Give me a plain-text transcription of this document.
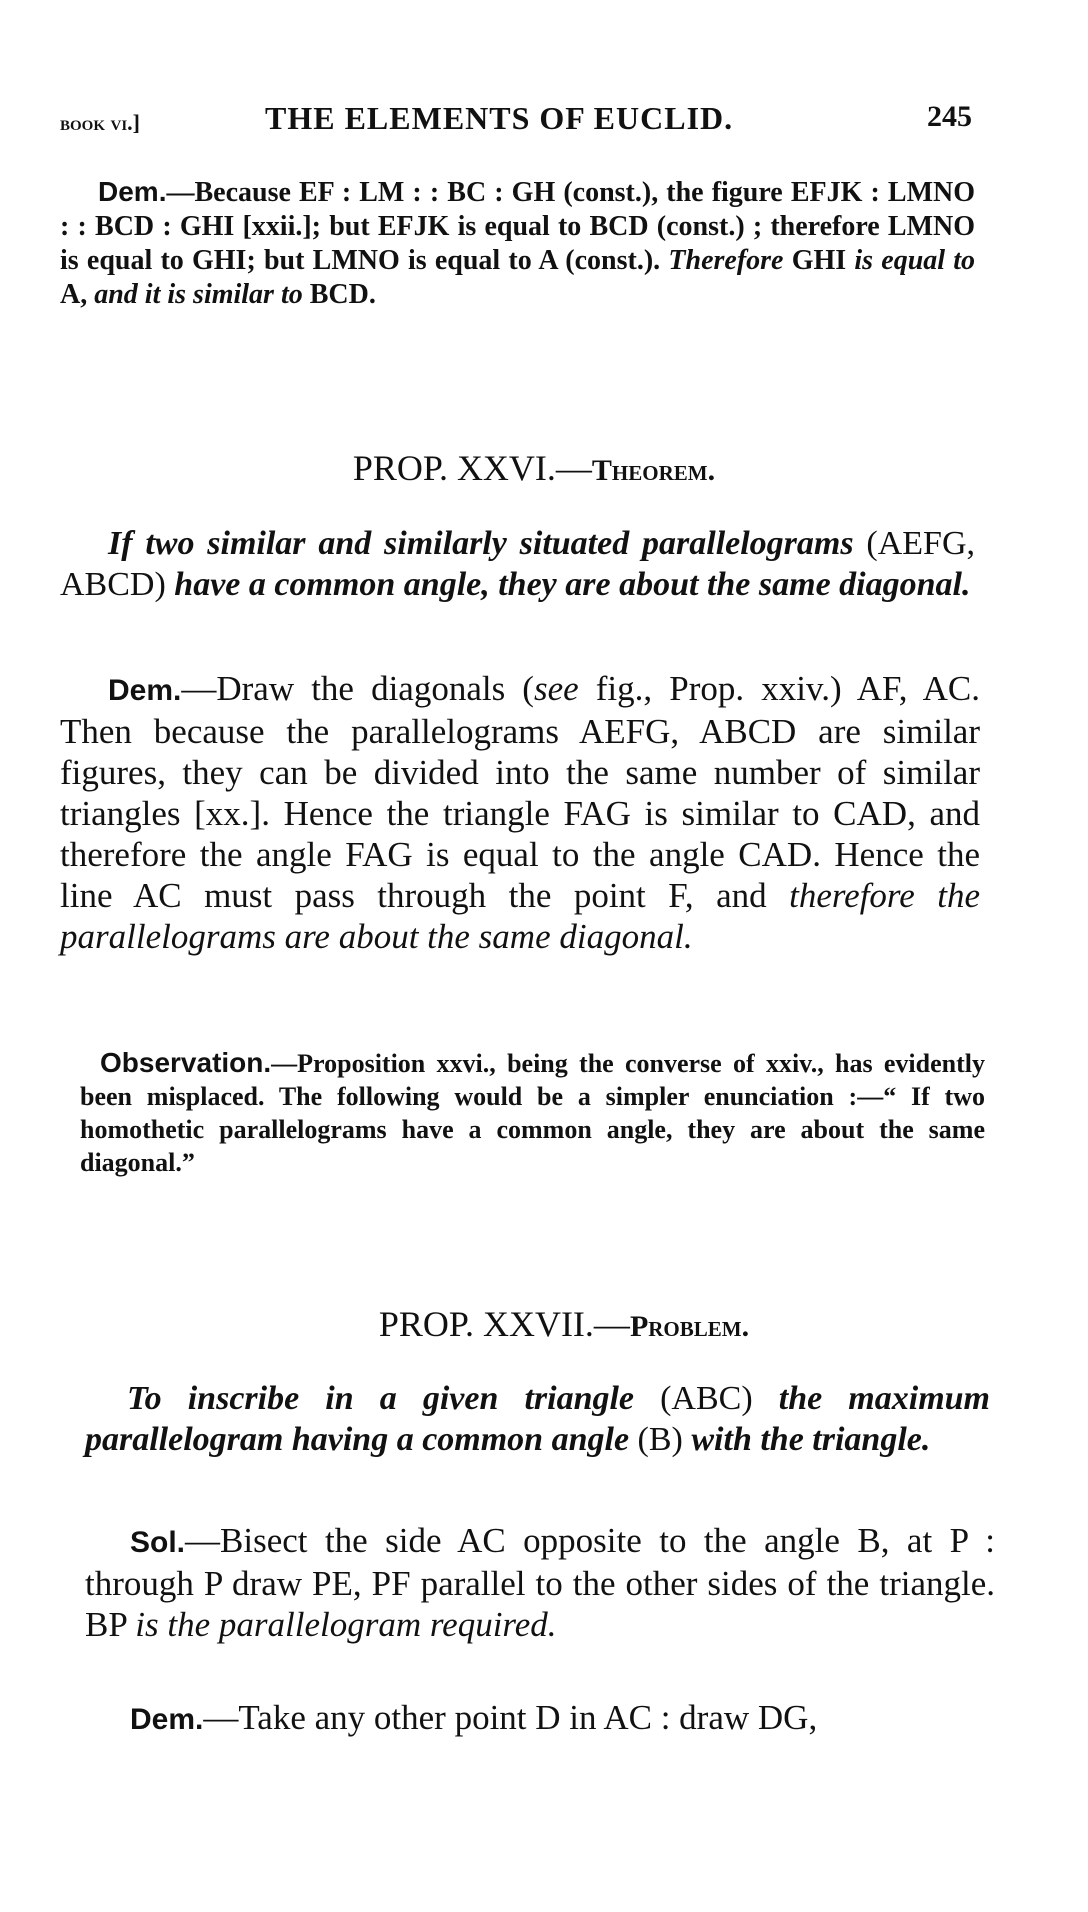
book vi.]	THE ELEMENTS OF EUCLID.	245

Dem.—Because EF : LM : : BC : GH (const.), the figure EFJK : LMNO : : BCD : GHI [xxii.]; but EFJK is equal to BCD (const.) ; therefore LMNO is equal to GHI; but LMNO is equal to A (const.). Therefore GHI is equal to A, and it is similar to BCD.

PROP. XXVI.—Theorem.

If two similar and similarly situated parallelograms (AEFG, ABCD) have a common angle, they are about the same diagonal.

Dem.—Draw the diagonals (see fig., Prop. xxiv.) AF, AC. Then because the parallelograms AEFG, ABCD are similar figures, they can be divided into the same number of similar triangles [xx.]. Hence the triangle FAG is similar to CAD, and therefore the angle FAG is equal to the angle CAD. Hence the line AC must pass through the point F, and therefore the parallelograms are about the same diagonal.

Observation.—Proposition xxvi., being the converse of xxiv., has evidently been misplaced. The following would be a simpler enunciation :—“ If two homothetic parallelograms have a common angle, they are about the same diagonal.”

PROP. XXVII.—Problem.

To inscribe in a given triangle (ABC) the maximum parallelogram having a common angle (B) with the triangle.

Sol.—Bisect the side AC opposite to the angle B, at P : through P draw PE, PF parallel to the other sides of the triangle. BP is the parallelogram required.

Dem.—Take any other point D in AC : draw DG,
